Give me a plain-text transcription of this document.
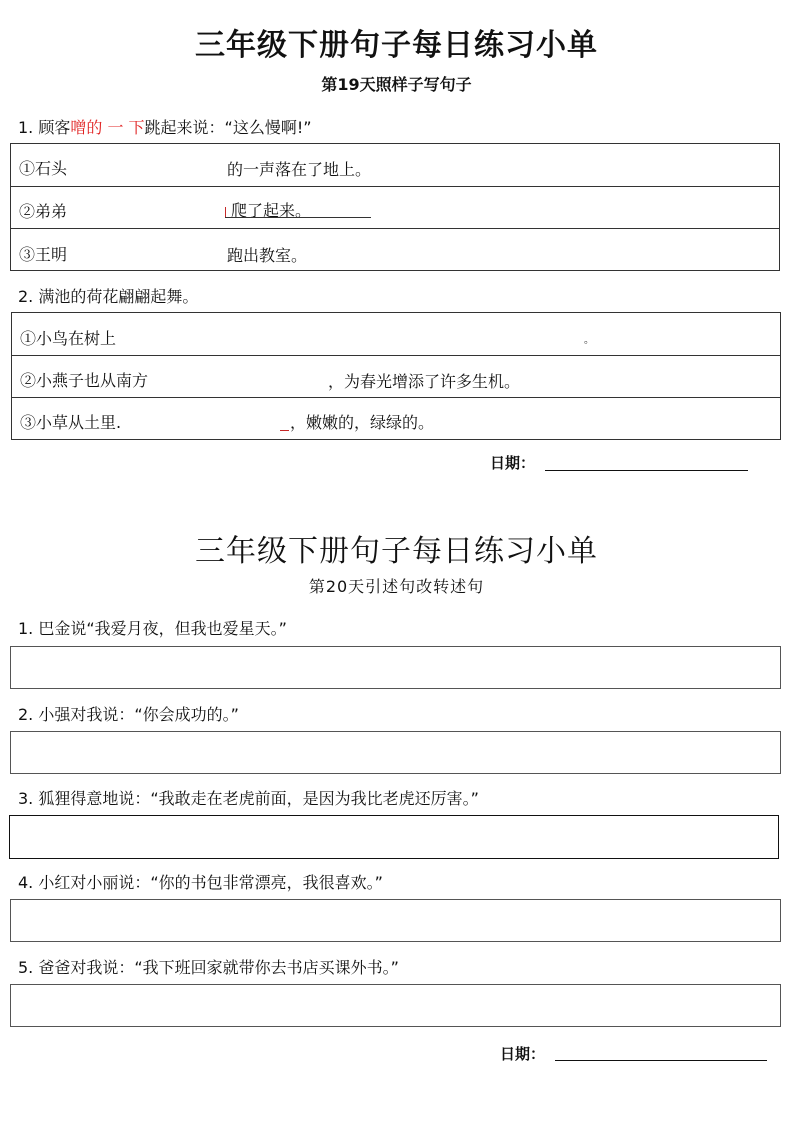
三年级下册句子每日练习小单
第19天照样子写句子
1. 顾客噌的 一 下跳起来说：“这么慢啊!”
①石头	的一声落在了地上。
②弟弟	爬了起来。
③王明	跑出教室。
2. 满池的荷花翩翩起舞。
①小鸟在树上	。
②小燕子也从南方	，为春光增添了许多生机。
③小草从土里.	，嫩嫩的，绿绿的。
日期：
三年级下册句子每日练习小单
第20天引述句改转述句
1. 巴金说“我爱月夜，但我也爱星天。”
2. 小强对我说：“你会成功的。”
3. 狐狸得意地说：“我敢走在老虎前面，是因为我比老虎还厉害。”
4. 小红对小丽说：“你的书包非常漂亮，我很喜欢。”
5. 爸爸对我说：“我下班回家就带你去书店买课外书。”
日期：
